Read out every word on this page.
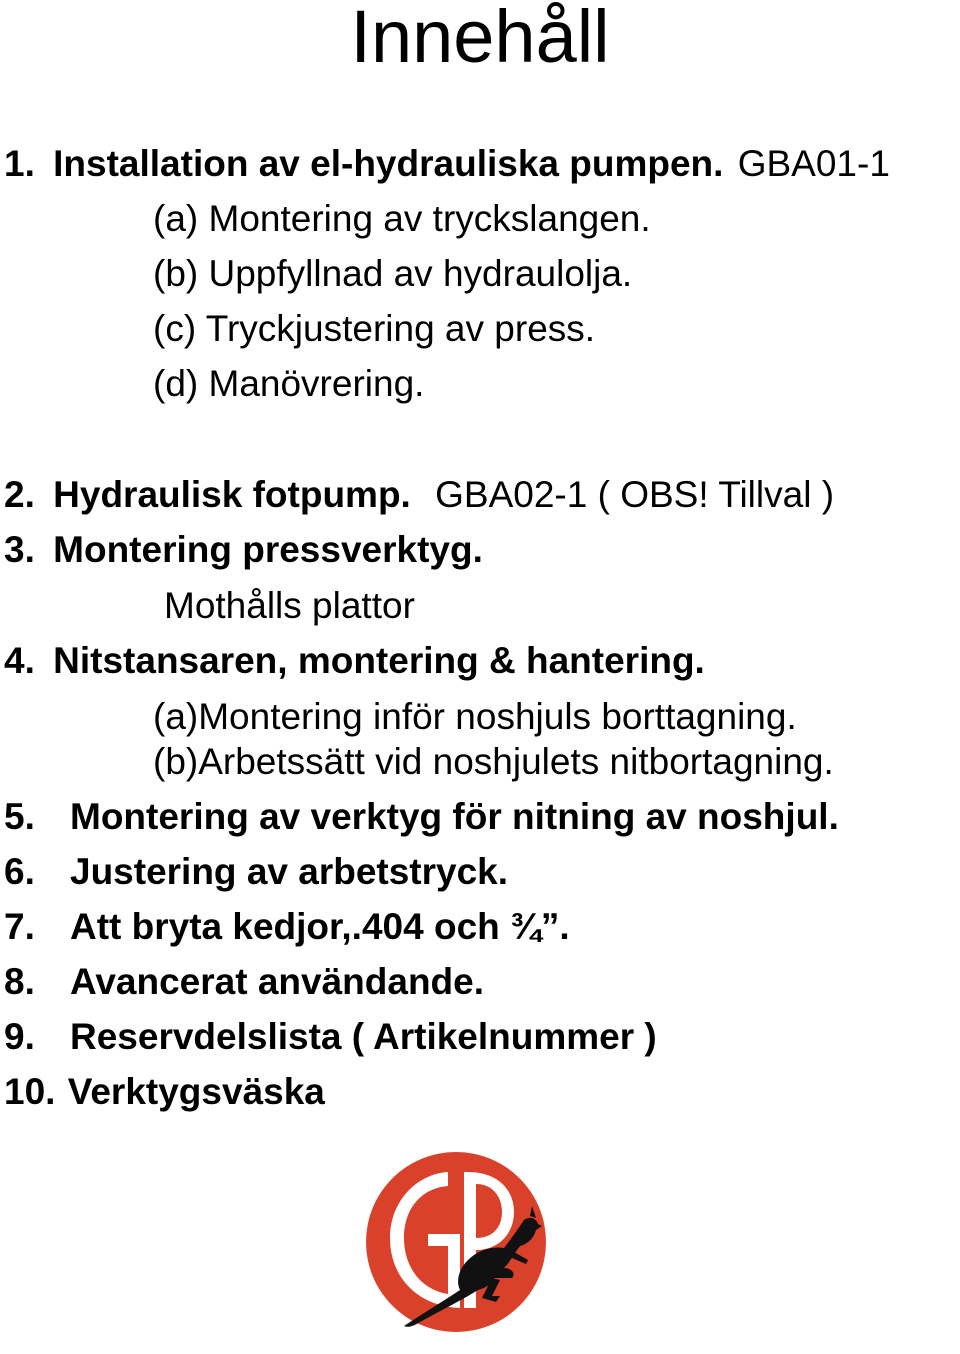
Innehåll
1. Installation av el-hydrauliska pumpen. GBA01-1
(a) Montering av tryckslangen.
(b) Uppfyllnad av hydraulolja.
(c) Tryckjustering av press.
(d) Manövrering.
2. Hydraulisk fotpump. GBA02-1 ( OBS! Tillval )
3. Montering pressverktyg.
Mothålls plattor
4. Nitstansaren, montering & hantering.
(a)Montering inför noshjuls borttagning.
(b)Arbetssätt vid noshjulets nitbortagning.
5. Montering av verktyg för nitning av noshjul.
6. Justering av arbetstryck.
7. Att bryta kedjor,.404 och ¾”.
8. Avancerat användande.
9. Reservdelslista ( Artikelnummer )
10. Verktygsväska
